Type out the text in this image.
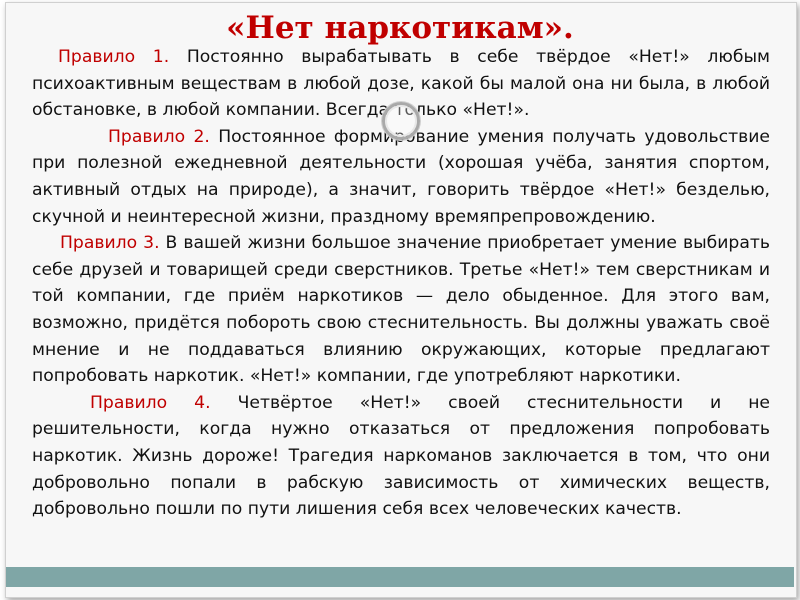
Правило 1. Постоянно вырабатывать в себе твёрдое «Нет!» любым психоактивным веществам в любой дозе, какой бы малой она ни была, в любой обстановке, в любой компании. Всегда только «Нет!».

Правило 2. Постоянное формирование умения получать удовольствие при полезной ежедневной деятельности (хорошая учёба, занятия спортом, активный отдых на природе), а значит, говорить твёрдое «Нет!» безделью, скучной и неинтересной жизни, праздному времяпрепровождению.

Правило 3. В вашей жизни большое значение приобретает умение выбирать себе друзей и товарищей среди сверстников. Третье «Нет!» тем сверстникам и той компании, где приём наркотиков — дело обыденное. Для этого вам, возможно, придётся побороть свою стеснительность. Вы должны уважать своё мнение и не поддаваться влиянию окружающих, которые предлагают попробовать наркотик. «Нет!» компании, где употребляют наркотики.

Правило 4. Четвёртое «Нет!» своей стеснительности и не решительности, когда нужно отказаться от предложения попробовать наркотик. Жизнь дороже! Трагедия наркоманов заключается в том, что они добровольно попали в рабскую зависимость от химических веществ, добровольно пошли по пути лишения себя всех человеческих качеств.

«Нет наркотикам».
